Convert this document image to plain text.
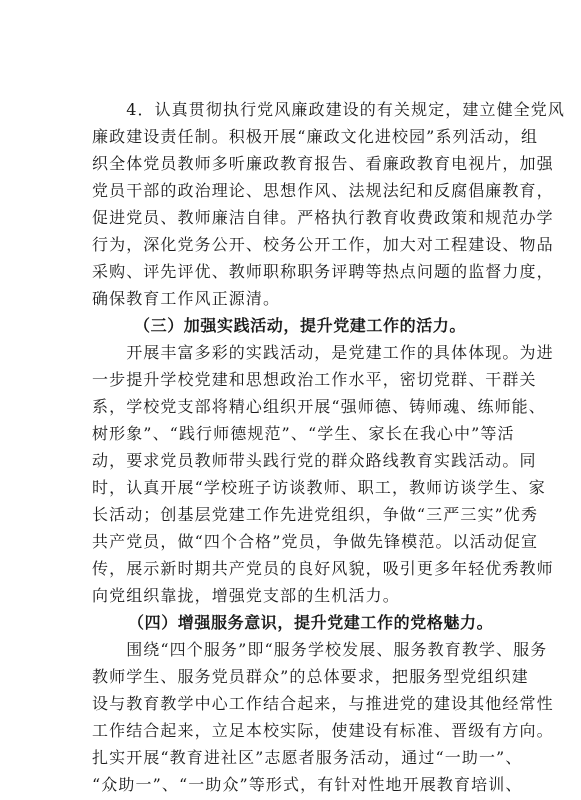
　　4．认真贯彻执行党风廉政建设的有关规定，建立健全党风
廉政建设责任制。积极开展“廉政文化进校园”系列活动，组
织全体党员教师多听廉政教育报告、看廉政教育电视片，加强
党员干部的政治理论、思想作风、法规法纪和反腐倡廉教育，
促进党员、教师廉洁自律。严格执行教育收费政策和规范办学
行为，深化党务公开、校务公开工作，加大对工程建设、物品
采购、评先评优、教师职称职务评聘等热点问题的监督力度，
确保教育工作风正源清。
（三）加强实践活动，提升党建工作的活力。
　　开展丰富多彩的实践活动，是党建工作的具体体现。为进
一步提升学校党建和思想政治工作水平，密切党群、干群关
系，学校党支部将精心组织开展“强师德、铸师魂、练师能、
树形象”、“践行师德规范”、“学生、家长在我心中”等活
动，要求党员教师带头践行党的群众路线教育实践活动。同
时，认真开展“学校班子访谈教师、职工，教师访谈学生、家
长活动；创基层党建工作先进党组织，争做“三严三实”优秀
共产党员，做“四个合格”党员，争做先锋模范。以活动促宣
传，展示新时期共产党员的良好风貌，吸引更多年轻优秀教师
向党组织靠拢，增强党支部的生机活力。
（四）增强服务意识，提升党建工作的党格魅力。
　　围绕“四个服务”即“服务学校发展、服务教育教学、服务
教师学生、服务党员群众”的总体要求，把服务型党组织建
设与教育教学中心工作结合起来，与推进党的建设其他经常性
工作结合起来，立足本校实际，使建设有标准、晋级有方向。
扎实开展“教育进社区”志愿者服务活动，通过“一助一”、
“众助一”、“一助众”等形式，有针对性地开展教育培训、
